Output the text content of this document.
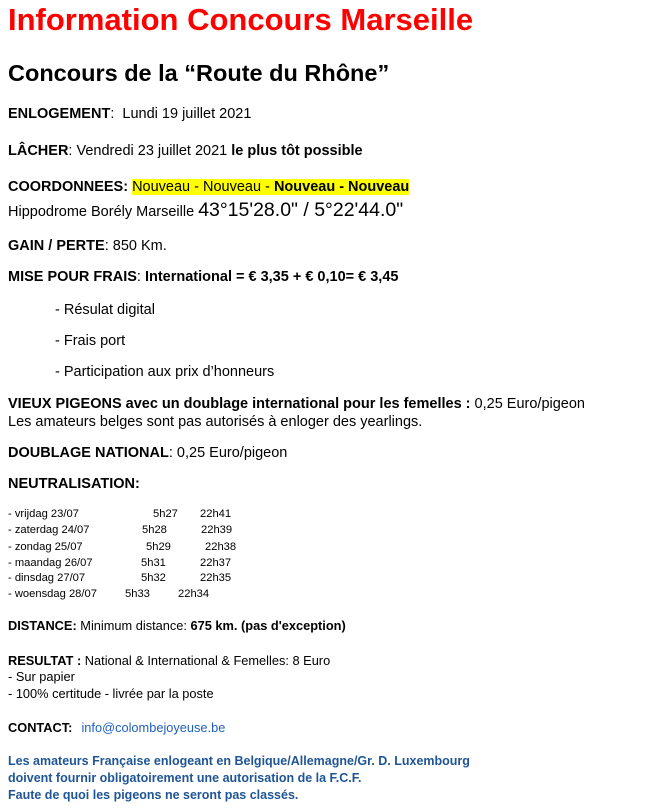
Information Concours Marseille
Concours de la “Route du Rhône”
ENLOGEMENT:  Lundi 19 juillet 2021
LÂCHER: Vendredi 23 juillet 2021 le plus tôt possible
COORDONNEES: Nouveau - Nouveau - Nouveau - Nouveau
Hippodrome Borély Marseille 43°15'28.0" / 5°22'44.0"
GAIN / PERTE: 850 Km.
MISE POUR FRAIS: International = € 3,35 + € 0,10= € 3,45
- Résulat digital
- Frais port
- Participation aux prix d’honneurs
VIEUX PIGEONS avec un doublage international pour les femelles : 0,25 Euro/pigeon
Les amateurs belges sont pas autorisés à enloger des yearlings.
DOUBLAGE NATIONAL: 0,25 Euro/pigeon
NEUTRALISATION:
- vrijdag 23/07	5h27 22h41
- zaterdag 24/07	5h28	22h39
- zondag 25/07	5h29	22h38
- maandag 26/07	5h31	22h37
- dinsdag 27/07	5h32	22h35
- woensdag 28/07	5h33	22h34
DISTANCE: Minimum distance: 675 km. (pas d'exception)
RESULTAT : National & International & Femelles: 8 Euro
- Sur papier
- 100% certitude - livrée par la poste
CONTACT: info@colombejoyeuse.be
Les amateurs Française enlogeant en Belgique/Allemagne/Gr. D. Luxembourg
doivent fournir obligatoirement une autorisation de la F.C.F.
Faute de quoi les pigeons ne seront pas classés.
